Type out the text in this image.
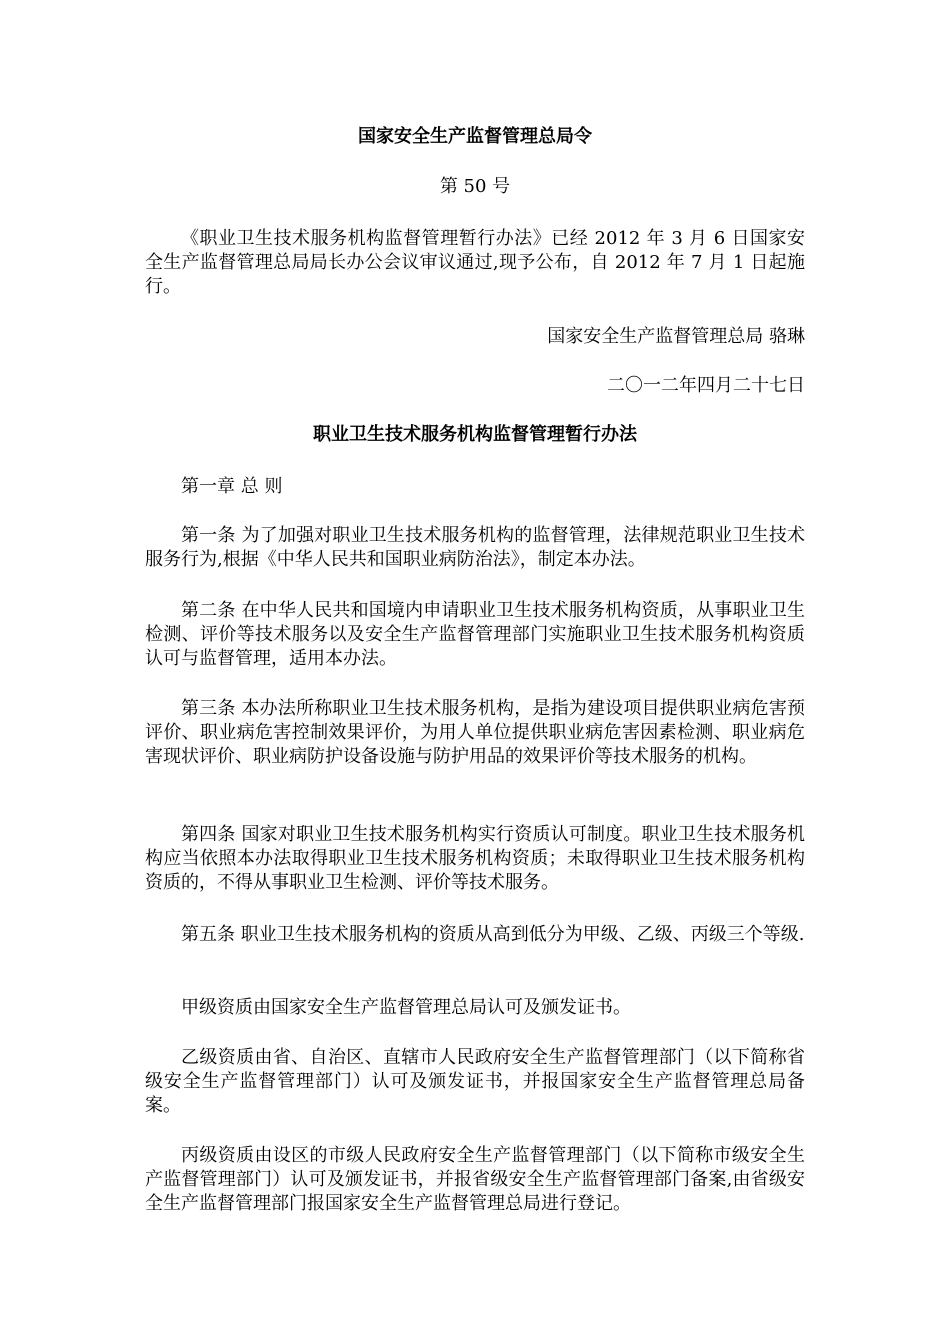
国家安全生产监督管理总局令

第 50 号

《职业卫生技术服务机构监督管理暂行办法》已经 2012 年 3 月 6 日国家安全生产监督管理总局局长办公会议审议通过,现予公布，自 2012 年 7 月 1 日起施行。

国家安全生产监督管理总局 骆琳

二〇一二年四月二十七日

职业卫生技术服务机构监督管理暂行办法

第一章 总 则

第一条 为了加强对职业卫生技术服务机构的监督管理，法律规范职业卫生技术服务行为,根据《中华人民共和国职业病防治法》，制定本办法。

第二条 在中华人民共和国境内申请职业卫生技术服务机构资质，从事职业卫生检测、评价等技术服务以及安全生产监督管理部门实施职业卫生技术服务机构资质认可与监督管理，适用本办法。

第三条 本办法所称职业卫生技术服务机构，是指为建设项目提供职业病危害预评价、职业病危害控制效果评价，为用人单位提供职业病危害因素检测、职业病危害现状评价、职业病防护设备设施与防护用品的效果评价等技术服务的机构。

第四条 国家对职业卫生技术服务机构实行资质认可制度。职业卫生技术服务机构应当依照本办法取得职业卫生技术服务机构资质；未取得职业卫生技术服务机构资质的，不得从事职业卫生检测、评价等技术服务。

第五条 职业卫生技术服务机构的资质从高到低分为甲级、乙级、丙级三个等级.

甲级资质由国家安全生产监督管理总局认可及颁发证书。

乙级资质由省、自治区、直辖市人民政府安全生产监督管理部门（以下简称省级安全生产监督管理部门）认可及颁发证书，并报国家安全生产监督管理总局备案。

丙级资质由设区的市级人民政府安全生产监督管理部门（以下简称市级安全生产监督管理部门）认可及颁发证书，并报省级安全生产监督管理部门备案,由省级安全生产监督管理部门报国家安全生产监督管理总局进行登记。
